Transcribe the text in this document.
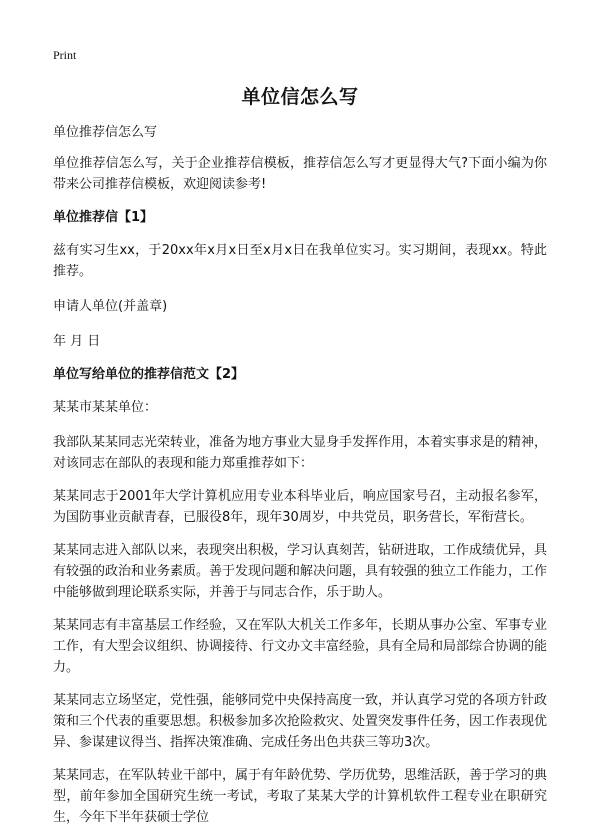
Print
单位信怎么写

单位推荐信怎么写

单位推荐信怎么写，关于企业推荐信模板，推荐信怎么写才更显得大气?下面小编为你带来公司推荐信模板，欢迎阅读参考!

单位推荐信【1】

兹有实习生xx，于20xx年x月x日至x月x日在我单位实习。实习期间，表现xx。特此推荐。

申请人单位(并盖章)

年 月 日

单位写给单位的推荐信范文【2】

某某市某某单位：

我部队某某同志光荣转业，准备为地方事业大显身手发挥作用，本着实事求是的精神，对该同志在部队的表现和能力郑重推荐如下：

某某同志于2001年大学计算机应用专业本科毕业后，响应国家号召，主动报名参军，为国防事业贡献青春，已服役8年，现年30周岁，中共党员，职务营长，军衔营长。

某某同志进入部队以来，表现突出积极，学习认真刻苦，钻研进取，工作成绩优异，具有较强的政治和业务素质。善于发现问题和解决问题，具有较强的独立工作能力，工作中能够做到理论联系实际，并善于与同志合作，乐于助人。

某某同志有丰富基层工作经验，又在军队大机关工作多年，长期从事办公室、军事专业工作，有大型会议组织、协调接待、行文办文丰富经验，具有全局和局部综合协调的能力。

某某同志立场坚定，党性强，能够同党中央保持高度一致，并认真学习党的各项方针政策和三个代表的重要思想。积极参加多次抢险救灾、处置突发事件任务，因工作表现优异、参谋建议得当、指挥决策准确、完成任务出色共获三等功3次。

某某同志，在军队转业干部中，属于有年龄优势、学历优势，思维活跃，善于学习的典型，前年参加全国研究生统一考试，考取了某某大学的计算机软件工程专业在职研究生，今年下半年获硕士学位
